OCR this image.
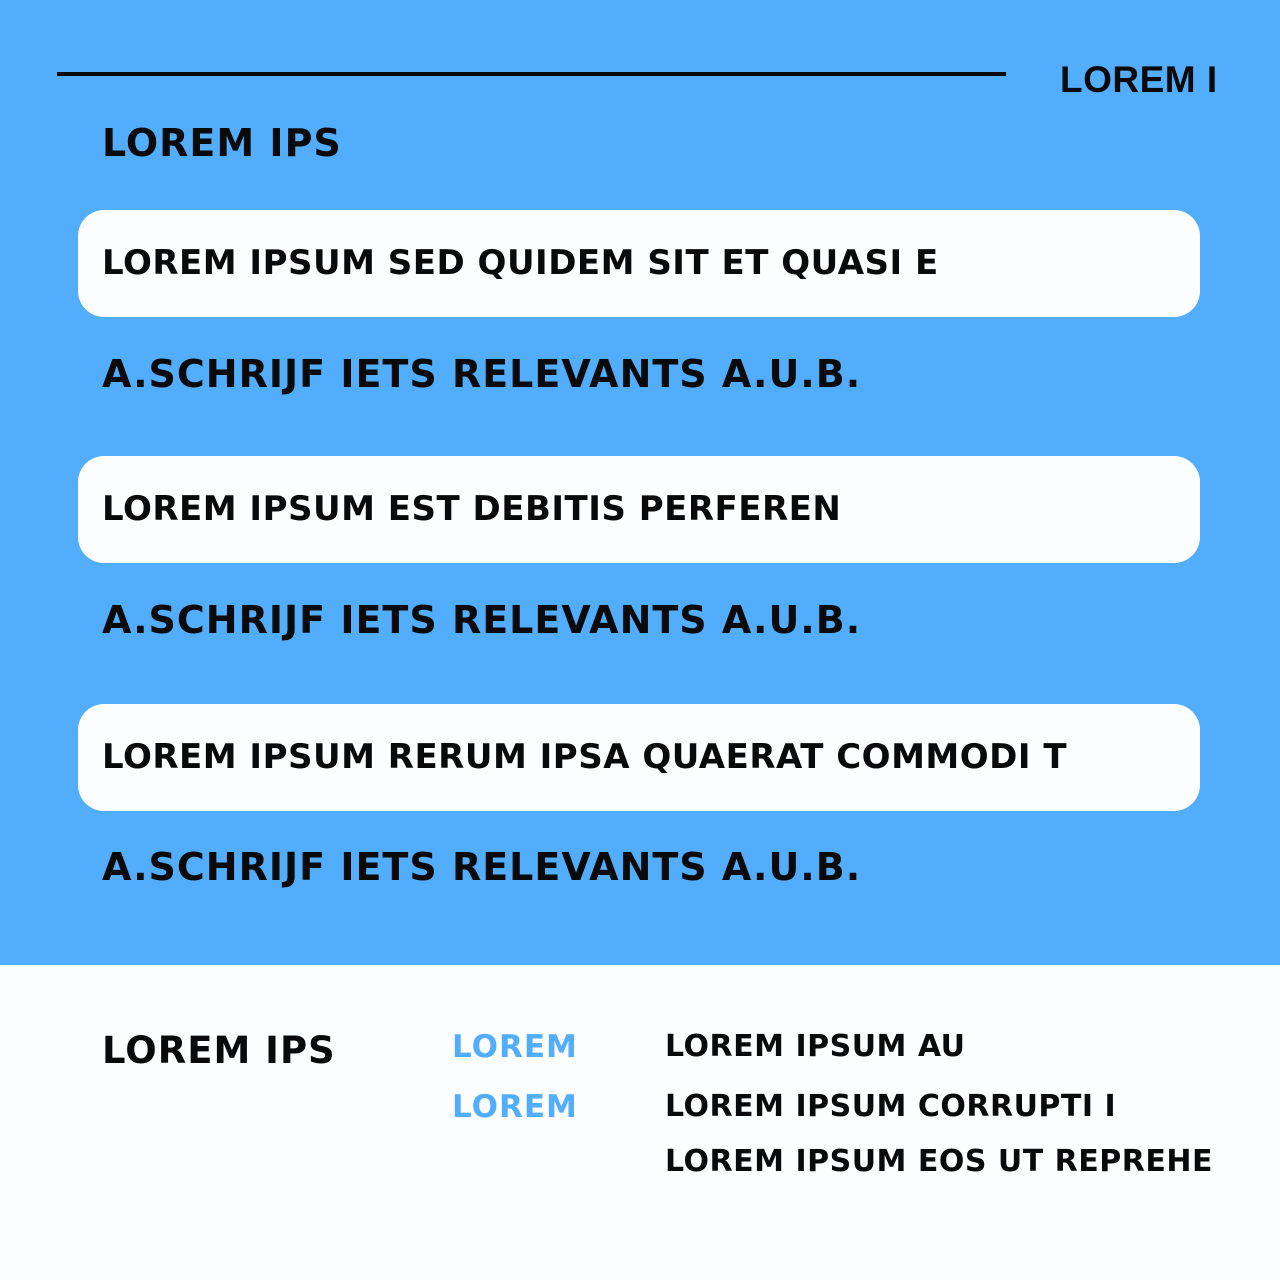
LOREM I
LOREM IPS
LOREM IPSUM SED QUIDEM SIT ET QUASI E
A.SCHRIJF IETS RELEVANTS A.U.B.
LOREM IPSUM EST DEBITIS PERFEREN
A.SCHRIJF IETS RELEVANTS A.U.B.
LOREM IPSUM RERUM IPSA QUAERAT COMMODI T
A.SCHRIJF IETS RELEVANTS A.U.B.
LOREM IPS	LOREM
LOREM
LOREM IPSUM AU
LOREM IPSUM CORRUPTI I
LOREM IPSUM EOS UT REPREHE
